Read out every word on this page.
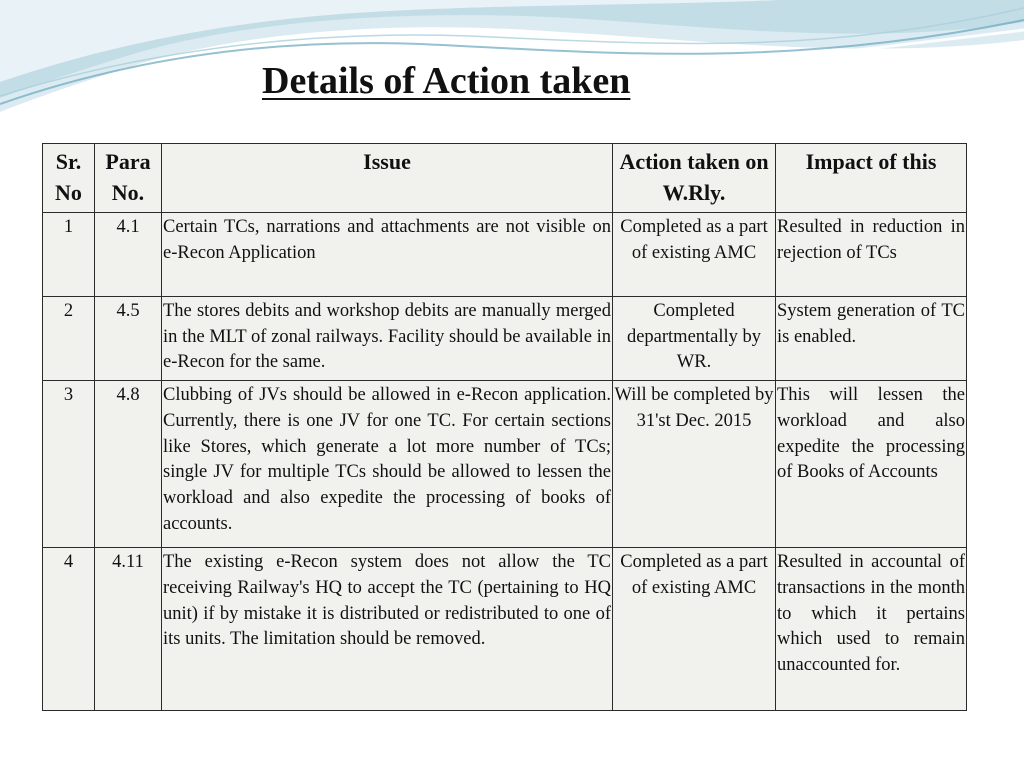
Details of Action taken
Sr. No	Para No.	Issue	Action taken on W.Rly.	Impact of this
1	4.1	Certain TCs, narrations and attachments are not visible on e-Recon Application	Completed as a part of existing AMC	Resulted in reduction in rejection of TCs
2	4.5	The stores debits and workshop debits are manually merged in the MLT of zonal railways. Facility should be available in e-Recon for the same.	Completed departmentally by WR.	System generation of TC is enabled.
3	4.8	Clubbing of JVs should be allowed in e-Recon application. Currently, there is one JV for one TC. For certain sections like Stores, which generate a lot more number of TCs; single JV for multiple TCs should be allowed to lessen the workload and also expedite the processing of books of accounts.	Will be completed by 31'st Dec. 2015	This will lessen the workload and also expedite the processing of Books of Accounts
4	4.11	The existing e-Recon system does not allow the TC receiving Railway's HQ to accept the TC (pertaining to HQ unit) if by mistake it is distributed or redistributed to one of its units. The limitation should be removed.	Completed as a part of existing AMC	Resulted in accountal of transactions in the month to which it pertains which used to remain unaccounted for.
